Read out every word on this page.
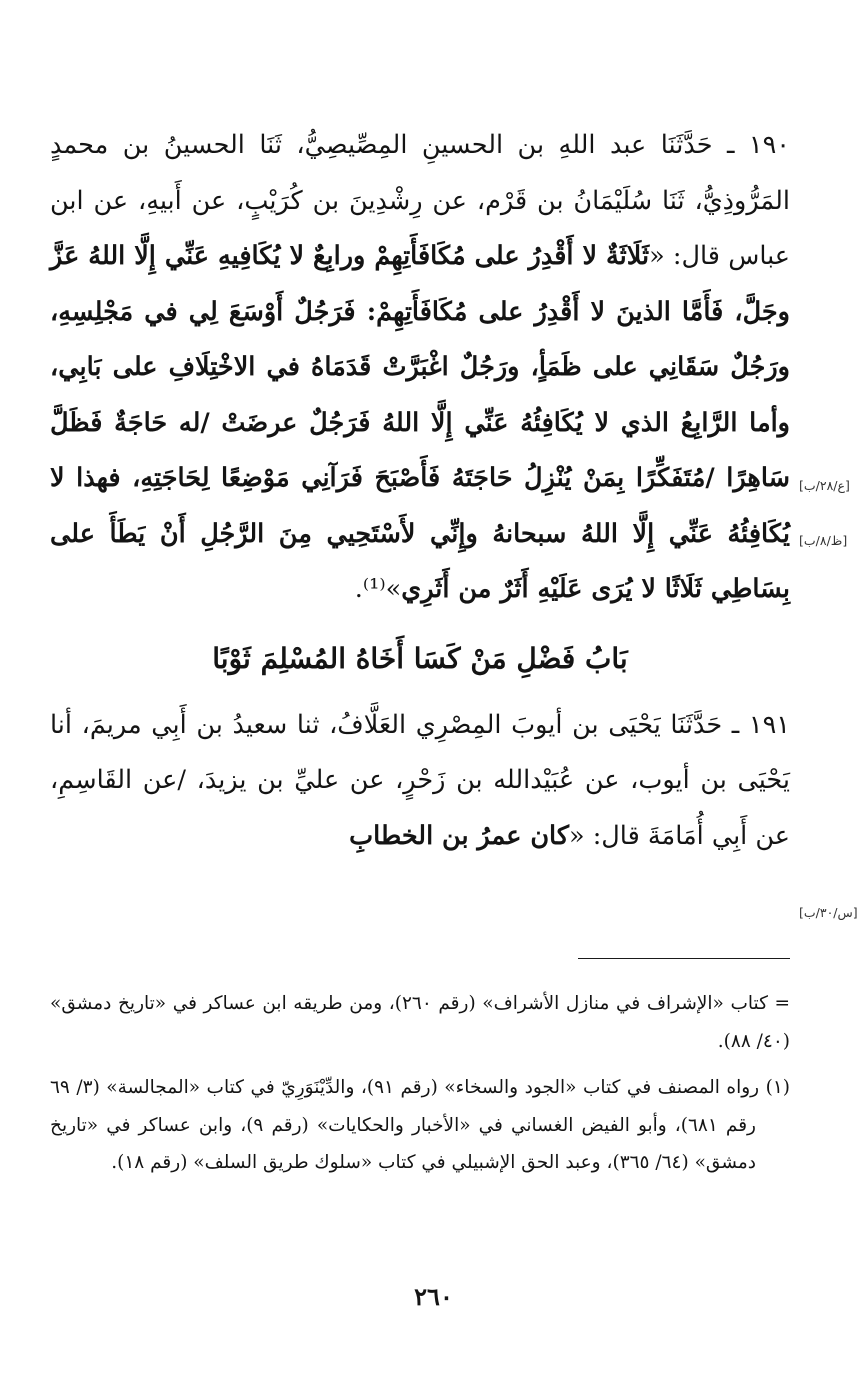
١٩٠ ـ حَدَّثَنَا عبد اللهِ بن الحسينِ المِصِّيصِيُّ، ثَنَا الحسينُ بن محمدٍ المَرُّوذِيُّ، ثَنَا سُلَيْمَانُ بن قَرْم، عن رِشْدِينَ بن كُرَيْبٍ، عن أَبيهِ، عن ابن عباس قال: «ثَلَاثَةٌ لا أَقْدِرُ على مُكَافَأَتِهِمْ ورابِعٌ لا يُكَافِيهِ عَنِّي إِلَّا اللهُ عَزَّ وجَلَّ، فَأَمَّا الذينَ لا أَقْدِرُ على مُكَافَأَتِهِمْ: فَرَجُلٌ أَوْسَعَ لِي في مَجْلِسِهِ، ورَجُلٌ سَقَانِي على ظَمَأٍ، ورَجُلٌ اغْبَرَّتْ قَدَمَاهُ في الاخْتِلَافِ على بَابِي، وأما الرَّابِعُ الذي لا يُكَافِئُهُ عَنِّي إِلَّا اللهُ فَرَجُلٌ عرضَتْ /له حَاجَةٌ فَظَلَّ سَاهِرًا /مُتَفَكِّرًا بِمَنْ يُنْزِلُ حَاجَتَهُ فَأَصْبَحَ فَرَآنِي مَوْضِعًا لِحَاجَتِهِ، فهذا لا يُكَافِئُهُ عَنِّي إِلَّا اللهُ سبحانهُ وإِنِّي لأَسْتَحِيي مِنَ الرَّجُلِ أَنْ يَطَأَ على بِسَاطِي ثَلَاثًا لا يُرَى عَلَيْهِ أَثَرٌ من أَثَرِي»⁽¹⁾.

بَابُ فَضْلِ مَنْ كَسَا أَخَاهُ المُسْلِمَ ثَوْبًا

١٩١ ـ حَدَّثَنَا يَحْيَى بن أيوبَ المِصْرِي العَلَّافُ، ثنا سعيدُ بن أَبِي مريمَ، أنا يَحْيَى بن أيوب، عن عُبَيْدالله بن زَحْرٍ، عن عليِّ بن يزيدَ، /عن القَاسِمِ، عن أَبِي أُمَامَةَ قال: «كان عمرُ بن الخطابِ

[ع/٢٨/ب]
[ظ/٨/ب]
[س/٣٠/ب]

= كتاب «الإشراف في منازل الأشراف» (رقم ٢٦٠)، ومن طريقه ابن عساكر في «تاريخ دمشق» (٤٠/ ٨٨).

(١) رواه المصنف في كتاب «الجود والسخاء» (رقم ٩١)، والدِّيْنَوَرِيّ في كتاب «المجالسة» (٣/ ٦٩ رقم ٦٨١)، وأبو الفيض الغساني في «الأخبار والحكايات» (رقم ٩)، وابن عساكر في «تاريخ دمشق» (٦٤/ ٣٦٥)، وعبد الحق الإشبيلي في كتاب «سلوك طريق السلف» (رقم ١٨).

٢٦٠
